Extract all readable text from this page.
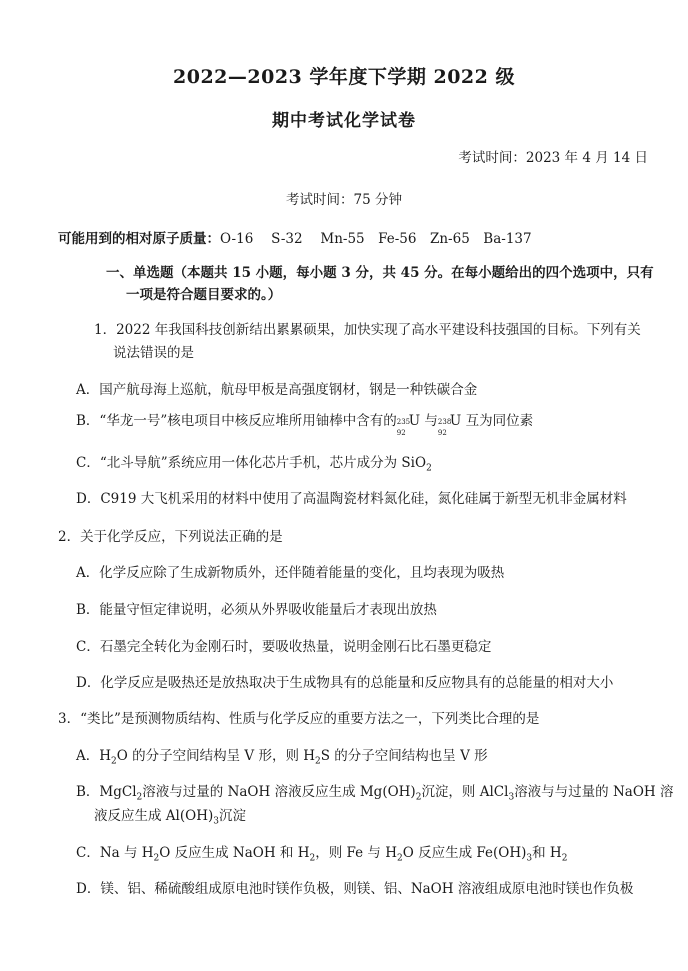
2022—2023 学年度下学期 2022 级
期中考试化学试卷
考试时间：2023 年 4 月 14 日
考试时间：75 分钟
可能用到的相对原子质量：O-16　 S-32　 Mn-55　Fe-56　Zn-65　Ba-137
一、单选题（本题共 15 小题，每小题 3 分，共 45 分。在每小题给出的四个选项中，只有
一项是符合题目要求的。）
1．2022 年我国科技创新结出累累硕果，加快实现了高水平建设科技强国的目标。下列有关
说法错误的是
A．国产航母海上巡航，航母甲板是高强度钢材，钢是一种铁碳合金
B．“华龙一号”核电项目中核反应堆所用铀棒中含有的 235
92
U 与 238
92
U 互为同位素
C．“北斗导航”系统应用一体化芯片手机，芯片成分为 SiO$_2$
D．C919 大飞机采用的材料中使用了高温陶瓷材料氮化硅，氮化硅属于新型无机非金属材料
2．关于化学反应，下列说法正确的是
A．化学反应除了生成新物质外，还伴随着能量的变化，且均表现为吸热
B．能量守恒定律说明，必须从外界吸收能量后才表现出放热
C．石墨完全转化为金刚石时，要吸收热量，说明金刚石比石墨更稳定
D．化学反应是吸热还是放热取决于生成物具有的总能量和反应物具有的总能量的相对大小
3．“类比”是预测物质结构、性质与化学反应的重要方法之一，下列类比合理的是
A．$H_2O$ 的分子空间结构呈 V 形，则 $H_2S$ 的分子空间结构也呈 V 形
B．MgCl$_2$溶液与过量的 NaOH 溶液反应生成 $Mg(OH)_2$沉淀，则 AlCl$_3$溶液与与过量的 NaOH 溶
液反应生成 $Al(OH)_3$沉淀
C．Na 与 $H_2O$ 反应生成 NaOH 和 $H_2$，则 Fe 与 $H_2O$ 反应生成 $Fe(OH)_3$和 $H_2$
D．镁、铝、稀硫酸组成原电池时镁作负极，则镁、铝、NaOH 溶液组成原电池时镁也作负极
